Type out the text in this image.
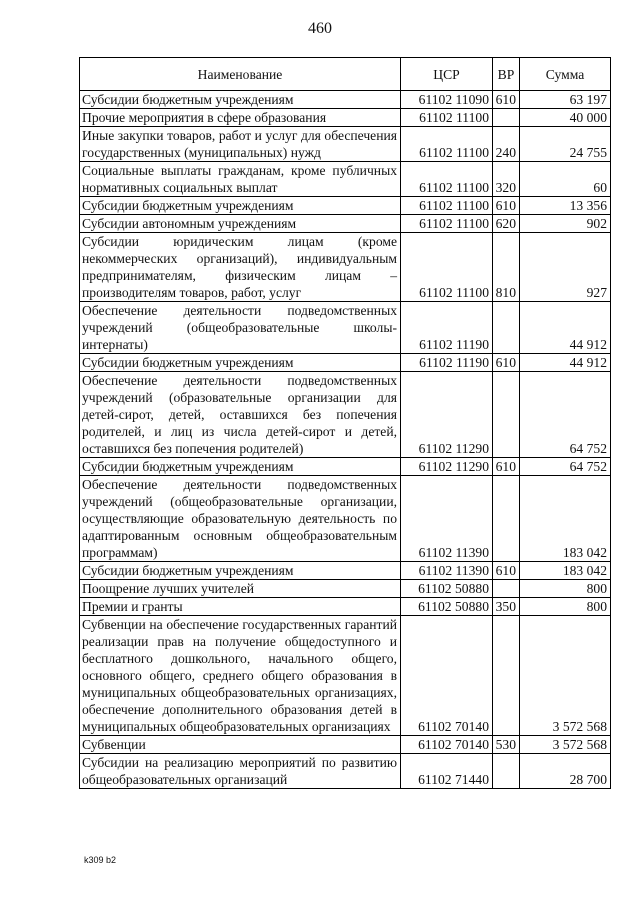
460
Наименование	ЦСР	ВР	Сумма
Субсидии бюджетным учреждениям	61102 11090	610	63 197
Прочие мероприятия в сфере образования	61102 11100		40 000
Иные закупки товаров, работ и услуг для обеспечения государственных (муниципальных) нужд	61102 11100	240	24 755
Социальные выплаты гражданам, кроме публичных нормативных социальных выплат	61102 11100	320	60
Субсидии бюджетным учреждениям	61102 11100	610	13 356
Субсидии автономным учреждениям	61102 11100	620	902
Субсидии юридическим лицам (кроме некоммерческих организаций), индивидуальным предпринимателям, физическим лицам – производителям товаров, работ, услуг	61102 11100	810	927
Обеспечение деятельности подведомственных учреждений (общеобразовательные школы-интернаты)	61102 11190		44 912
Субсидии бюджетным учреждениям	61102 11190	610	44 912
Обеспечение деятельности подведомственных учреждений (образовательные организации для детей-сирот, детей, оставшихся без попечения родителей, и лиц из числа детей-сирот и детей, оставшихся без попечения родителей)	61102 11290		64 752
Субсидии бюджетным учреждениям	61102 11290	610	64 752
Обеспечение деятельности подведомственных учреждений (общеобразовательные организации, осуществляющие образовательную деятельность по адаптированным основным общеобразовательным программам)	61102 11390		183 042
Субсидии бюджетным учреждениям	61102 11390	610	183 042
Поощрение лучших учителей	61102 50880		800
Премии и гранты	61102 50880	350	800
Субвенции на обеспечение государственных гарантий реализации прав на получение общедоступного и бесплатного дошкольного, начального общего, основного общего, среднего общего образования в муниципальных общеобразовательных организациях, обеспечение дополнительного образования детей в муниципальных общеобразовательных организациях	61102 70140		3 572 568
Субвенции	61102 70140	530	3 572 568
Субсидии на реализацию мероприятий по развитию общеобразовательных организаций	61102 71440		28 700
k309 b2
